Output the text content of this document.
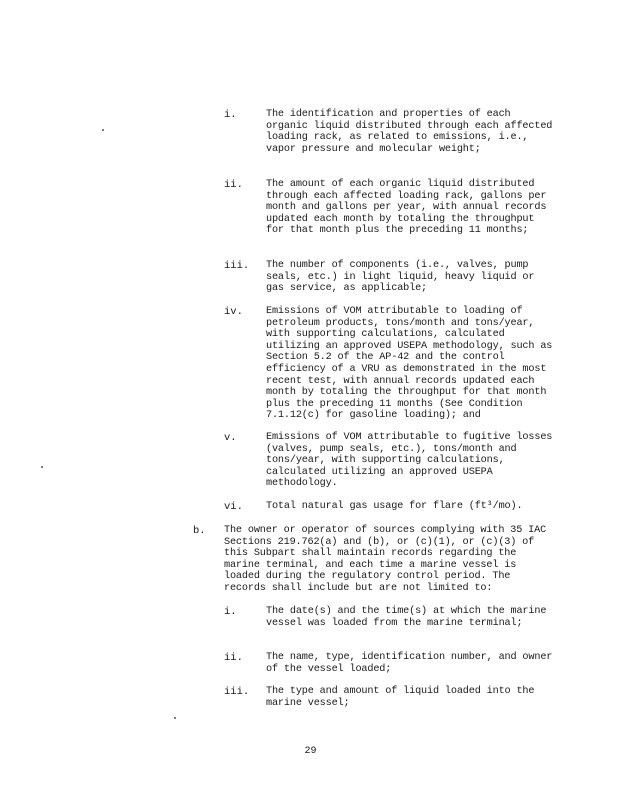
i.	The identification and properties of each organic liquid distributed through each affected loading rack, as related to emissions, i.e., vapor pressure and molecular weight;
ii. The amount of each organic liquid distributed through each affected loading rack, gallons per month and gallons per year, with annual records updated each month by totaling the throughput for that month plus the preceding 11 months;
iii. The number of components (i.e., valves, pump seals, etc.) in light liquid, heavy liquid or gas service, as applicable;
iv. Emissions of VOM attributable to loading of petroleum products, tons/month and tons/year, with supporting calculations, calculated utilizing an approved USEPA methodology, such as Section 5.2 of the AP-42 and the control efficiency of a VRU as demonstrated in the most recent test, with annual records updated each month by totaling the throughput for that month plus the preceding 11 months (See Condition 7.1.12(c) for gasoline loading); and
v.	Emissions of VOM attributable to fugitive losses (valves, pump seals, etc.), tons/month and tons/year, with supporting calculations, calculated utilizing an approved USEPA methodology.
vi. Total natural gas usage for flare (ft³/mo).
b. The owner or operator of sources complying with 35 IAC Sections 219.762(a) and (b), or (c)(1), or (c)(3) of this Subpart shall maintain records regarding the marine terminal, and each time a marine vessel is loaded during the regulatory control period. The records shall include but are not limited to:
i.	The date(s) and the time(s) at which the marine vessel was loaded from the marine terminal;
ii. The name, type, identification number, and owner of the vessel loaded;
iii. The type and amount of liquid loaded into the marine vessel;
29
